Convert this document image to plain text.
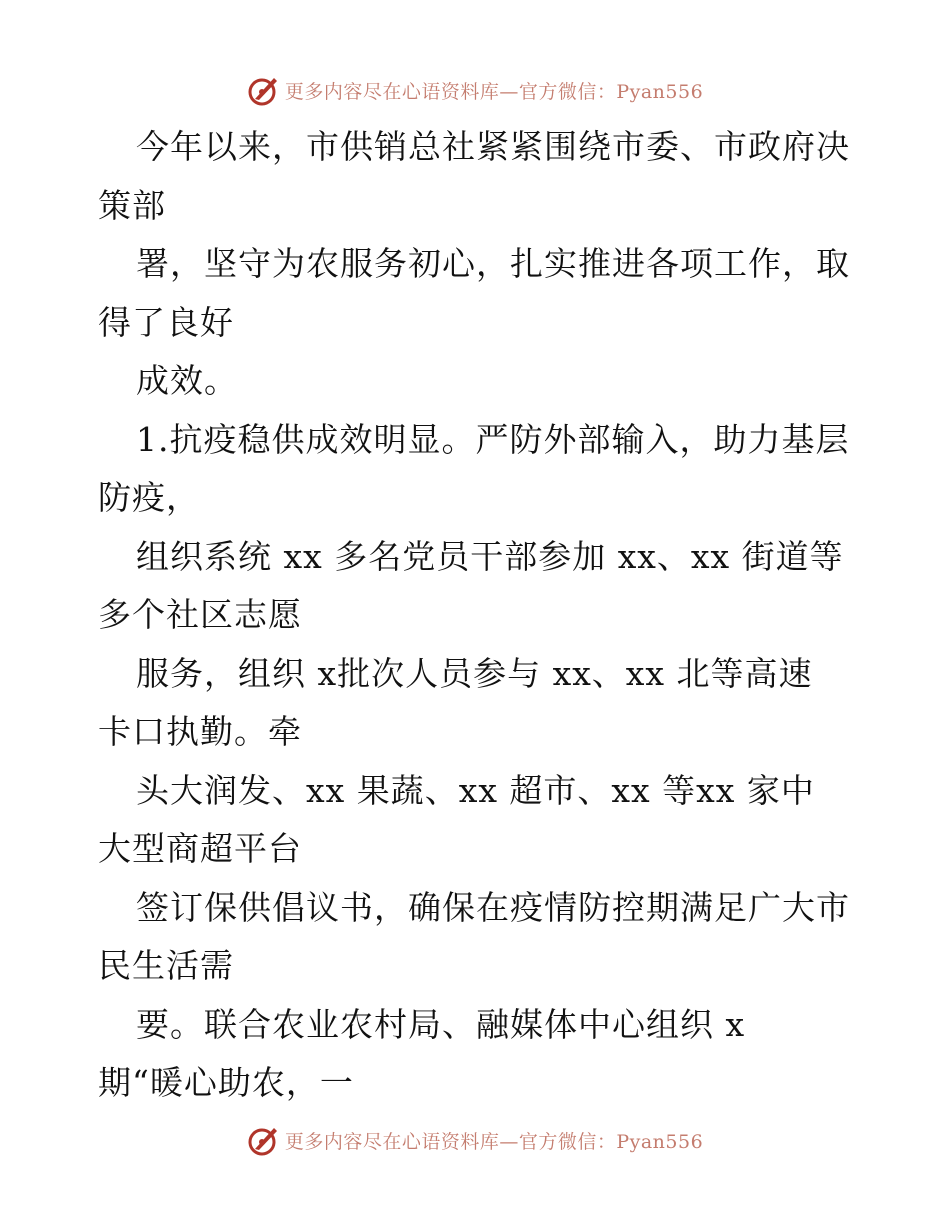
更多内容尽在心语资料库—官方微信：Pyan556
今年以来，市供销总社紧紧围绕市委、市政府决
策部
署，坚守为农服务初心，扎实推进各项工作，取
得了良好
成效。
1.抗疫稳供成效明显。严防外部输入，助力基层
防疫，
组织系统 xx 多名党员干部参加 xx、xx 街道等
多个社区志愿
服务，组织 x批次人员参与 xx、xx 北等高速
卡口执勤。牵
头大润发、xx 果蔬、xx 超市、xx 等xx 家中
大型商超平台
签订保供倡议书，确保在疫情防控期满足广大市
民生活需
要。联合农业农村局、融媒体中心组织 x
期“暖心助农，一
更多内容尽在心语资料库—官方微信：Pyan556
